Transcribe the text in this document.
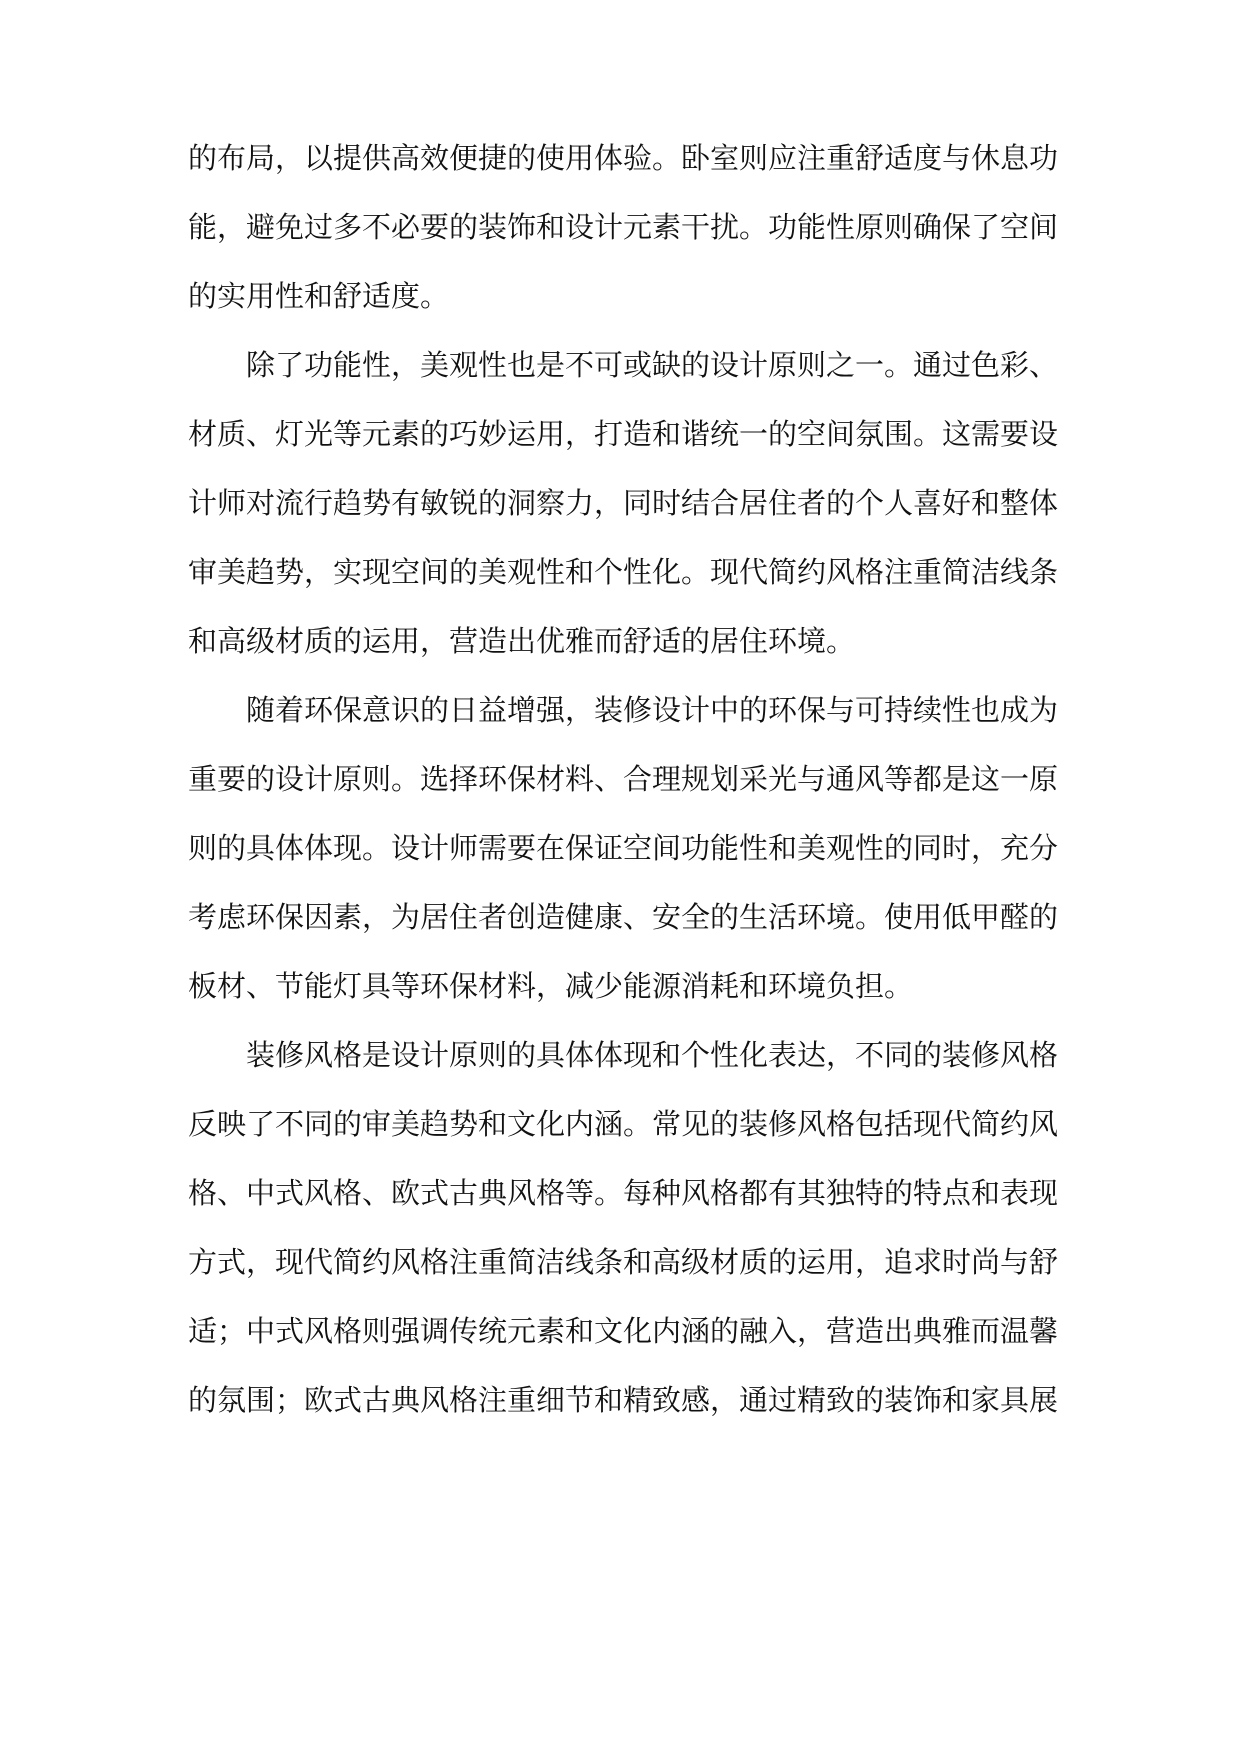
的布局，以提供高效便捷的使用体验。卧室则应注重舒适度与休息功
能，避免过多不必要的装饰和设计元素干扰。功能性原则确保了空间
的实用性和舒适度。
除了功能性，美观性也是不可或缺的设计原则之一。通过色彩、
材质、灯光等元素的巧妙运用，打造和谐统一的空间氛围。这需要设
计师对流行趋势有敏锐的洞察力，同时结合居住者的个人喜好和整体
审美趋势，实现空间的美观性和个性化。现代简约风格注重简洁线条
和高级材质的运用，营造出优雅而舒适的居住环境。
随着环保意识的日益增强，装修设计中的环保与可持续性也成为
重要的设计原则。选择环保材料、合理规划采光与通风等都是这一原
则的具体体现。设计师需要在保证空间功能性和美观性的同时，充分
考虑环保因素，为居住者创造健康、安全的生活环境。使用低甲醛的
板材、节能灯具等环保材料，减少能源消耗和环境负担。
装修风格是设计原则的具体体现和个性化表达，不同的装修风格
反映了不同的审美趋势和文化内涵。常见的装修风格包括现代简约风
格、中式风格、欧式古典风格等。每种风格都有其独特的特点和表现
方式，现代简约风格注重简洁线条和高级材质的运用，追求时尚与舒
适；中式风格则强调传统元素和文化内涵的融入，营造出典雅而温馨
的氛围；欧式古典风格注重细节和精致感，通过精致的装饰和家具展
